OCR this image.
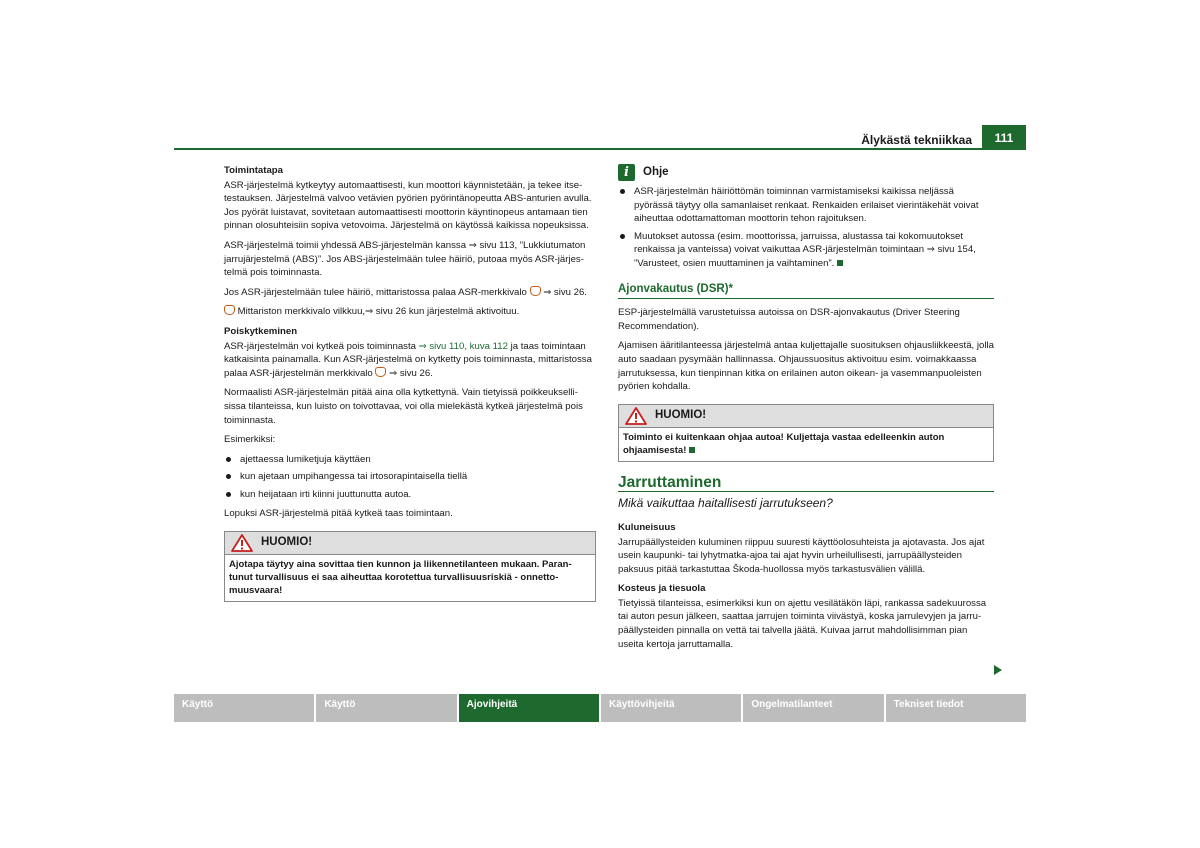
Älykästä tekniikkaa	111
Toimintatapa

ASR-järjestelmä kytkeytyy automaattisesti, kun moottori käynnistetään, ja tekee itsetestauksen. Järjestelmä valvoo vetävien pyörien pyörintänopeutta ABS-anturien avulla. Jos pyörät luistavat, sovitetaan automaattisesti moottorin käyntinopeus antamaan tien pinnan olosuhteisiin sopiva vetovoima. Järjestelmä on käytössä kaikissa nopeuksissa.

ASR-järjestelmä toimii yhdessä ABS-järjestelmän kanssa ⇒ sivu 113, ”Lukkiutumaton jarrujärjestelmä (ABS)”. Jos ABS-järjestelmään tulee häiriö, putoaa myös ASR-järjestelmä pois toiminnasta.

Jos ASR-järjestelmään tulee häiriö, mittaristossa palaa ASR-merkkivalo ⇒ sivu 26.

Mittariston merkkivalo vilkkuu,⇒ sivu 26 kun järjestelmä aktivoituu.

Poiskytkeminen

ASR-järjestelmän voi kytkeä pois toiminnasta ⇒ sivu 110, kuva 112 ja taas toimintaan katkaisinta painamalla. Kun ASR-järjestelmä on kytketty pois toiminnasta, mittaristossa palaa ASR-järjestelmän merkkivalo ⇒ sivu 26.

Normaalisti ASR-järjestelmän pitää aina olla kytkettynä. Vain tietyissä poikkeuksellisissa tilanteissa, kun luisto on toivottavaa, voi olla mielekästä kytkeä järjestelmä pois toiminnasta.

Esimerkiksi:

ajettaessa lumiketjuja käyttäen
kun ajetaan umpihangessa tai irtosorapintaisella tiellä
kun heijataan irti kiinni juuttunutta autoa.

Lopuksi ASR-järjestelmä pitää kytkeä taas toimintaan.

HUOMIO!
Ajotapa täytyy aina sovittaa tien kunnon ja liikennetilanteen mukaan. Parantunut turvallisuus ei saa aiheuttaa korotettua turvallisuusriskiä - onnettomuusvaara!
i	Ohje
ASR-järjestelmän häiriöttömän toiminnan varmistamiseksi kaikissa neljässä pyörässä täytyy olla samanlaiset renkaat. Renkaiden erilaiset vierintäkehät voivat aiheuttaa odottamattoman moottorin tehon rajoituksen.
Muutokset autossa (esim. moottorissa, jarruissa, alustassa tai kokomuutokset renkaissa ja vanteissa) voivat vaikuttaa ASR-järjestelmän toimintaan ⇒ sivu 154, ”Varusteet, osien muuttaminen ja vaihtaminen”.
Ajonvakautus (DSR)*

ESP-järjestelmällä varustetuissa autoissa on DSR-ajonvakautus (Driver Steering Recommendation).

Ajamisen ääritilanteessa järjestelmä antaa kuljettajalle suosituksen ohjausliikkeestä, jolla auto saadaan pysymään hallinnassa. Ohjaussuositus aktivoituu esim. voimakkaassa jarrutuksessa, kun tienpinnan kitka on erilainen auton oikean- ja vasemmanpuoleisten pyörien kohdalla.

HUOMIO!
Toiminto ei kuitenkaan ohjaa autoa! Kuljettaja vastaa edelleenkin auton ohjaamisesta!
Jarruttaminen
Mikä vaikuttaa haitallisesti jarrutukseen?
Kuluneisuus

Jarrupäällysteiden kuluminen riippuu suuresti käyttöolosuhteista ja ajotavasta. Jos ajat usein kaupunki- tai lyhytmatka-ajoa tai ajat hyvin urheilullisesti, jarrupäällysteiden paksuus pitää tarkastuttaa Škoda-huollossa myös tarkastusvälien välillä.

Kosteus ja tiesuola

Tietyissä tilanteissa, esimerkiksi kun on ajettu vesilätäkön läpi, rankassa sadekuurossa tai auton pesun jälkeen, saattaa jarrujen toiminta viivästyä, koska jarrulevyjen ja jarrupäällysteiden pinnalla on vettä tai talvella jäätä. Kuivaa jarrut mahdollisimman pian useita kertoja jarruttamalla.

Käyttö	Käyttö	Ajovihjeitä	Käyttövihjeitä	Ongelmatilanteet	Tekniset tiedot
